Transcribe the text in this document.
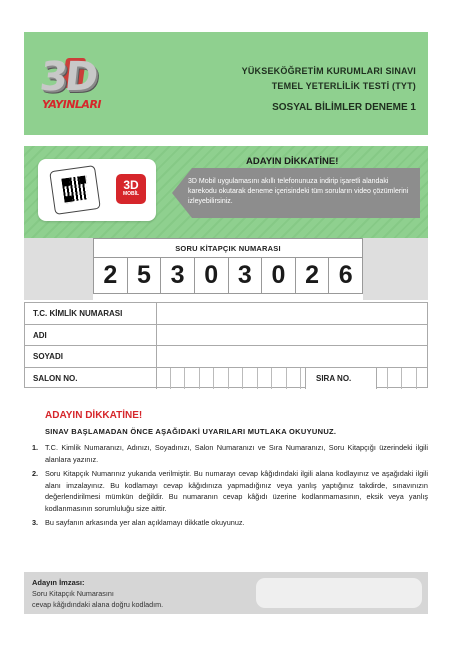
3D
YAYINLARI
YÜKSEKÖĞRETİM KURUMLARI SINAVI
TEMEL YETERLİLİK TESTİ (TYT)
SOSYAL BİLİMLER DENEME 1
3D
MOBİL
ADAYIN DİKKATİNE!
3D Mobil uygulamasını akıllı telefonunuza indirip işaretli alandaki karekodu okutarak deneme içerisindeki tüm soruların video çözümlerini izleyebilirsiniz.
SORU KİTAPÇIK NUMARASI
2 5 3 0 3 0 2 6
T.C. KİMLİK NUMARASI
ADI
SOYADI
SALON NO.	SIRA NO.
ADAYIN DİKKATİNE!
SINAV BAŞLAMADAN ÖNCE AŞAĞIDAKİ UYARILARI MUTLAKA OKUYUNUZ.
1. T.C. Kimlik Numaranızı, Adınızı, Soyadınızı, Salon Numaranızı ve Sıra Numaranızı, Soru Kitapçığı üzerindeki ilgili alanlara yazınız.
2. Soru Kitapçık Numarınız yukarıda verilmiştir. Bu numarayı cevap kâğıdındaki ilgili alana kodlayınız ve aşağıdaki ilgili alanı imzalayınız. Bu kodlamayı cevap kâğıdınıza yapmadığınız veya yanlış yaptığınız takdirde, sınavınızın değerlendirilmesi mümkün değildir. Bu numaranın cevap kâğıdı üzerine kodlanmamasının, eksik veya yanlış kodlanmasının sorumluluğu size aittir.
3. Bu sayfanın arkasında yer alan açıklamayı dikkatle okuyunuz.
Adayın İmzası:
Soru Kitapçık Numarasını
cevap kâğıdındaki alana doğru kodladım.
